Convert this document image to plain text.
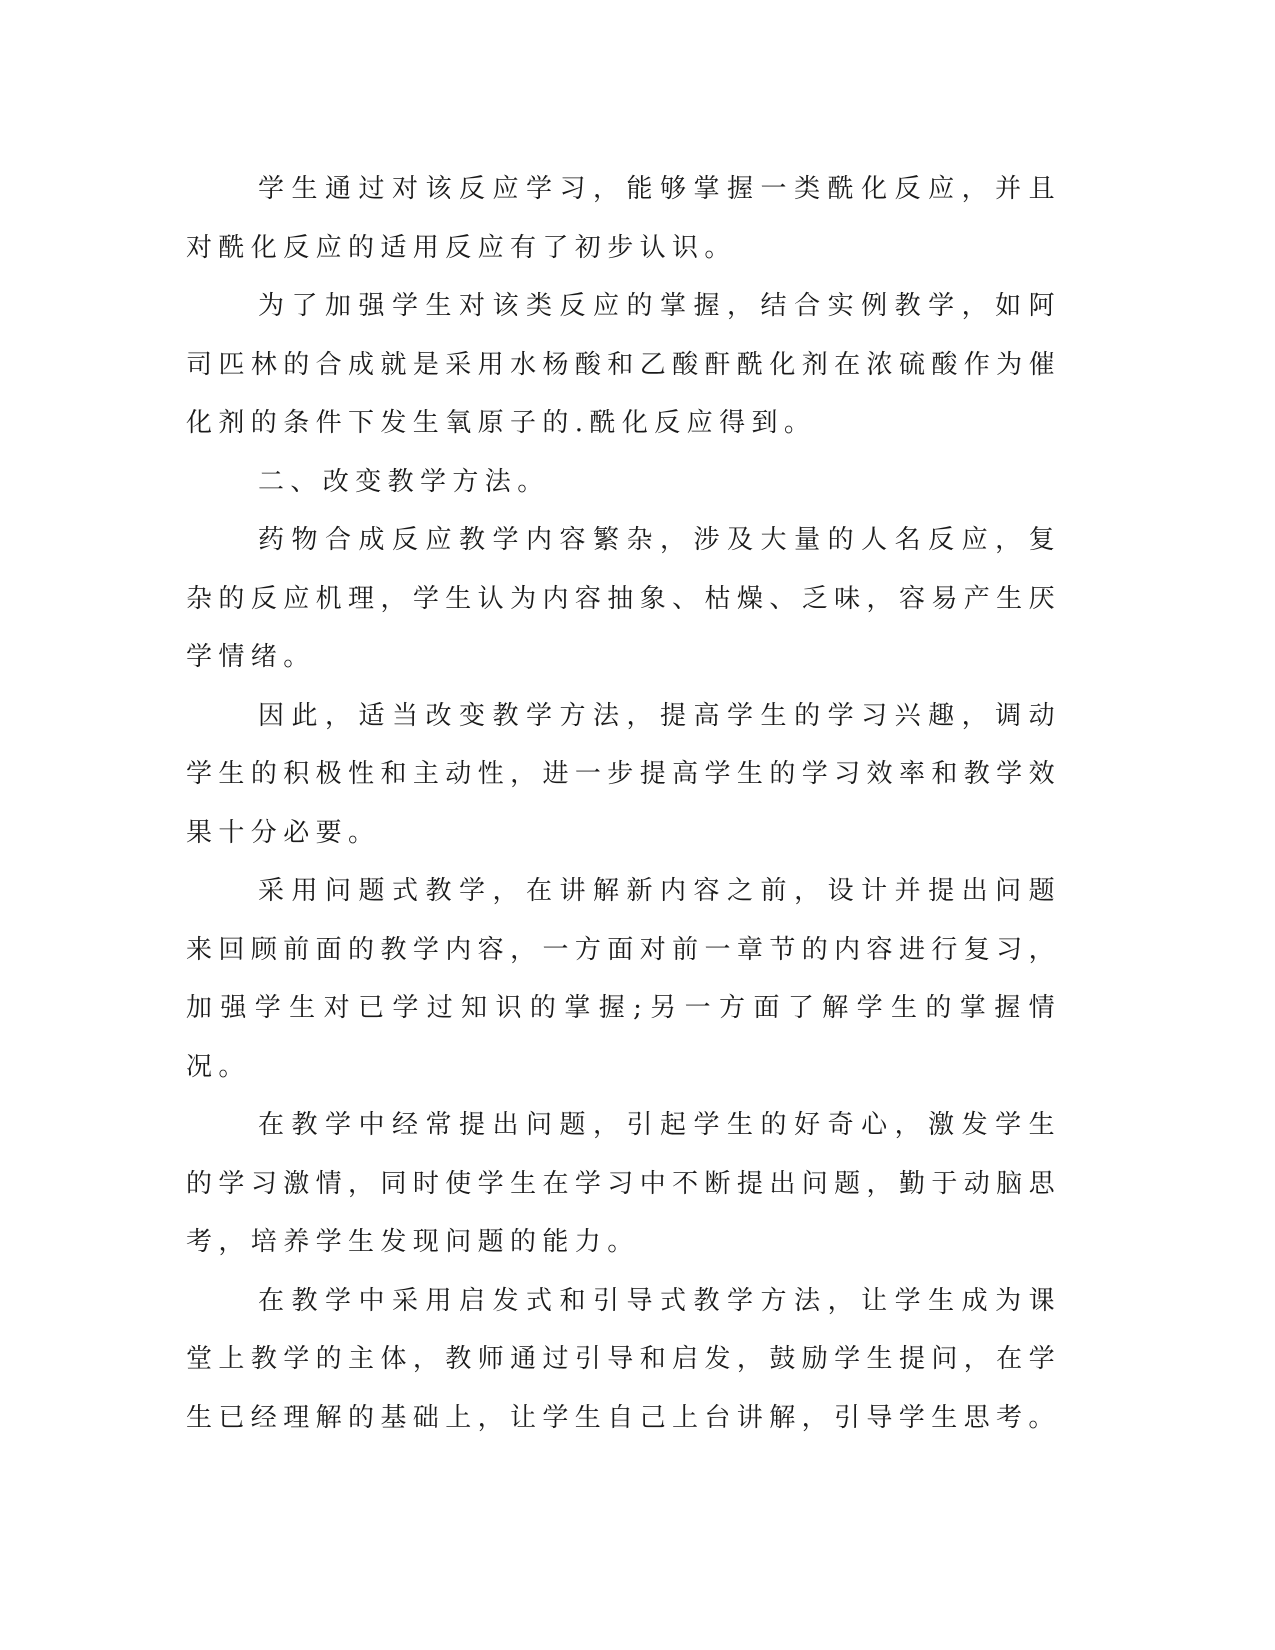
学生通过对该反应学习，能够掌握一类酰化反应，并且对酰化反应的适用反应有了初步认识。

为了加强学生对该类反应的掌握，结合实例教学，如阿司匹林的合成就是采用水杨酸和乙酸酐酰化剂在浓硫酸作为催化剂的条件下发生氧原子的.酰化反应得到。

二、改变教学方法。

药物合成反应教学内容繁杂，涉及大量的人名反应，复杂的反应机理，学生认为内容抽象、枯燥、乏味，容易产生厌学情绪。

因此，适当改变教学方法，提高学生的学习兴趣，调动学生的积极性和主动性，进一步提高学生的学习效率和教学效果十分必要。

采用问题式教学，在讲解新内容之前，设计并提出问题来回顾前面的教学内容，一方面对前一章节的内容进行复习，加强学生对已学过知识的掌握;另一方面了解学生的掌握情况。

在教学中经常提出问题，引起学生的好奇心，激发学生的学习激情，同时使学生在学习中不断提出问题，勤于动脑思考，培养学生发现问题的能力。

在教学中采用启发式和引导式教学方法，让学生成为课堂上教学的主体，教师通过引导和启发，鼓励学生提问，在学生已经理解的基础上，让学生自己上台讲解，引导学生思考。
